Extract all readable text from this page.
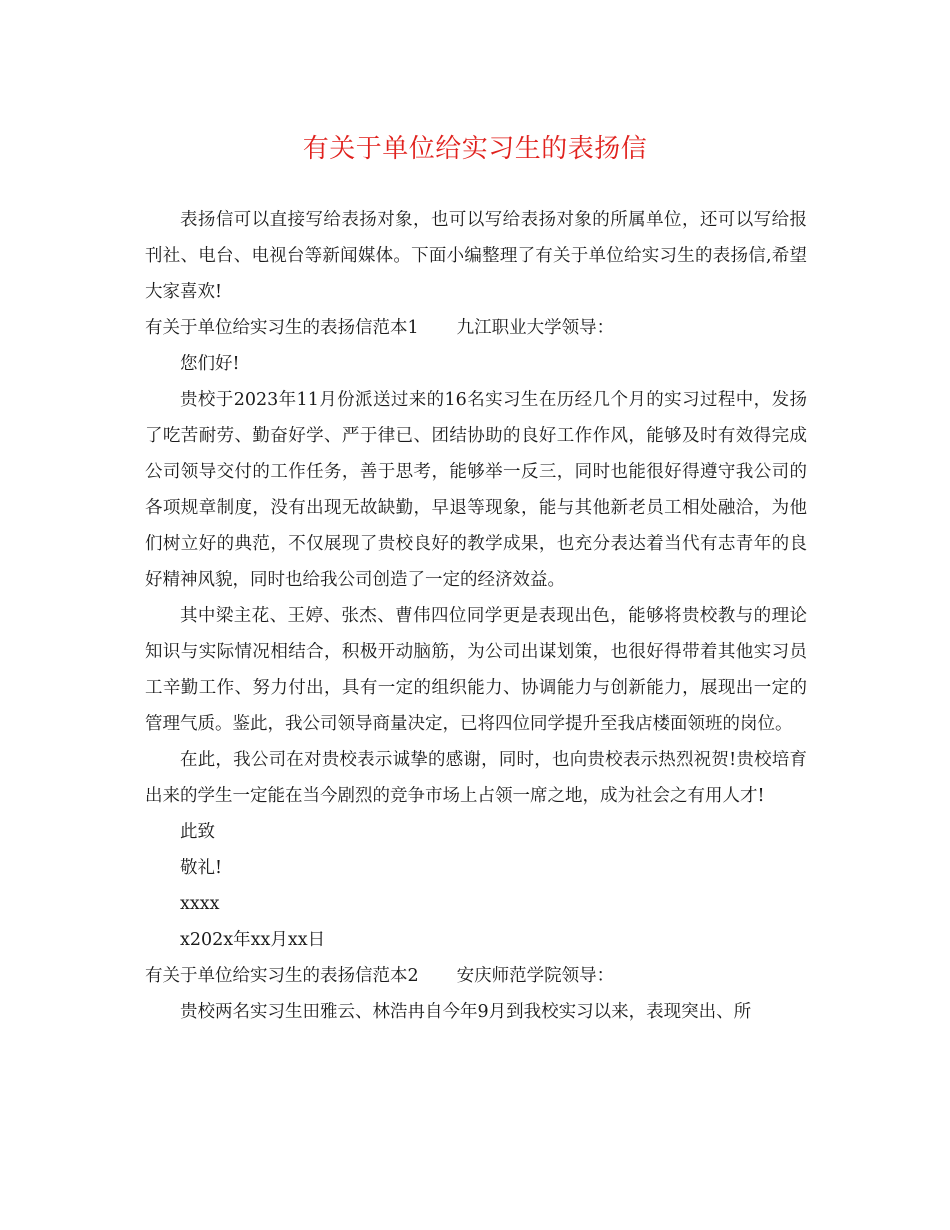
有关于单位给实习生的表扬信

表扬信可以直接写给表扬对象，也可以写给表扬对象的所属单位，还可以写给报刊社、电台、电视台等新闻媒体。下面小编整理了有关于单位给实习生的表扬信,希望大家喜欢!

有关于单位给实习生的表扬信范本1 九江职业大学领导：

您们好!

贵校于2023年11月份派送过来的16名实习生在历经几个月的实习过程中，发扬了吃苦耐劳、勤奋好学、严于律已、团结协助的良好工作作风，能够及时有效得完成公司领导交付的工作任务，善于思考，能够举一反三，同时也能很好得遵守我公司的各项规章制度，没有出现无故缺勤，早退等现象，能与其他新老员工相处融洽，为他们树立好的典范，不仅展现了贵校良好的教学成果，也充分表达着当代有志青年的良好精神风貌，同时也给我公司创造了一定的经济效益。

其中梁主花、王婷、张杰、曹伟四位同学更是表现出色，能够将贵校教与的理论知识与实际情况相结合，积极开动脑筋，为公司出谋划策，也很好得带着其他实习员工辛勤工作、努力付出，具有一定的组织能力、协调能力与创新能力，展现出一定的管理气质。鉴此，我公司领导商量决定，已将四位同学提升至我店楼面领班的岗位。

在此，我公司在对贵校表示诚挚的感谢，同时，也向贵校表示热烈祝贺!贵校培育出来的学生一定能在当今剧烈的竞争市场上占领一席之地，成为社会之有用人才!

此致

敬礼!

xxxx

x202x年xx月xx日

有关于单位给实习生的表扬信范本2 安庆师范学院领导：

贵校两名实习生田雅云、林浩冉自今年9月到我校实习以来，表现突出、所
